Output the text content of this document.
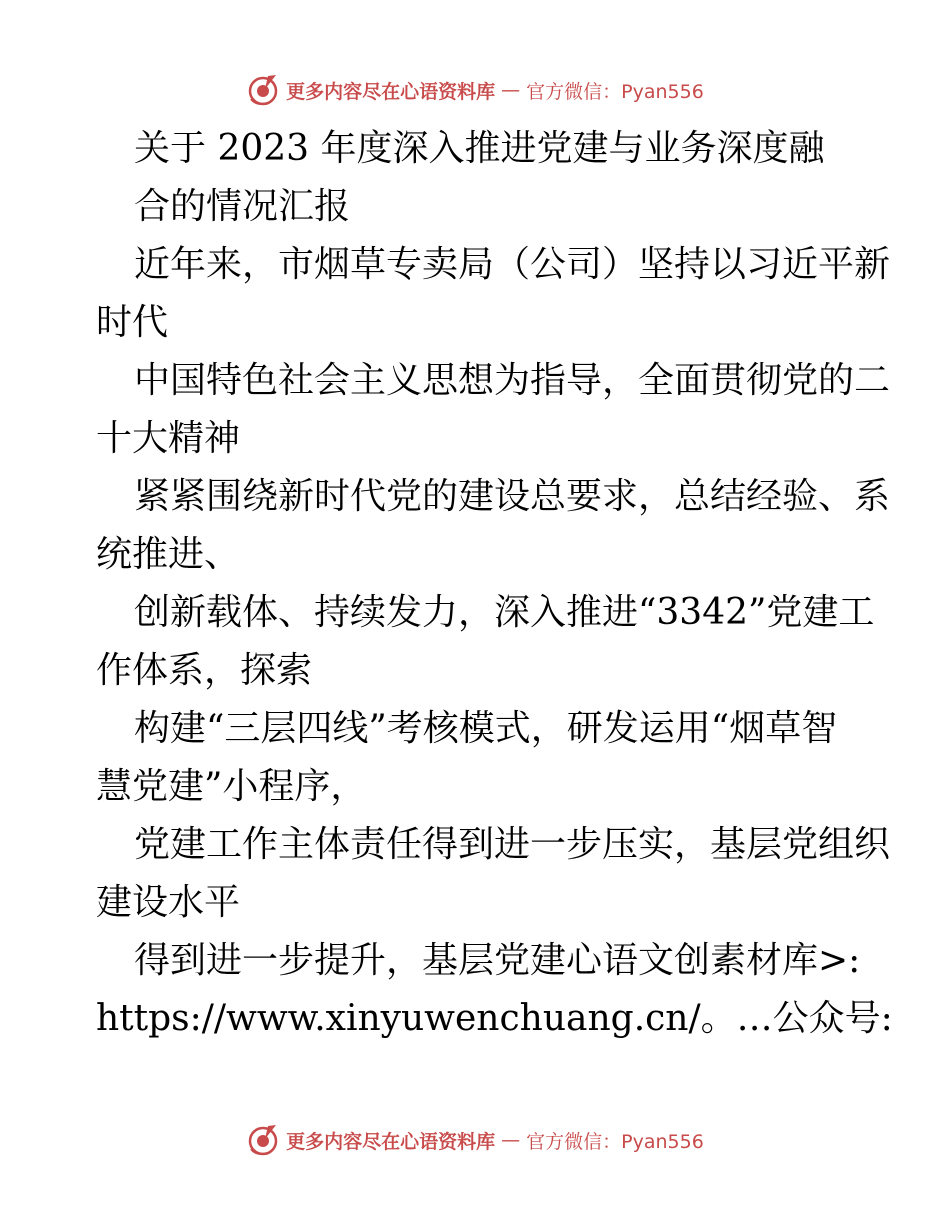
更多内容尽在心语资料库 — 官方微信：Pyan556
关于 2023 年度深入推进党建与业务深度融
合的情况汇报
近年来，市烟草专卖局（公司）坚持以习近平新
时代
中国特色社会主义思想为指导，全面贯彻党的二
十大精神
紧紧围绕新时代党的建设总要求，总结经验、系
统推进、
创新载体、持续发力，深入推进“3342”党建工
作体系，探索
构建“三层四线”考核模式，研发运用“烟草智
慧党建”小程序，
党建工作主体责任得到进一步压实，基层党组织
建设水平
得到进一步提升，基层党建心语文创素材库>:
https://www.xinyuwenchuang.cn/。…公众号:
更多内容尽在心语资料库 — 官方微信：Pyan556
